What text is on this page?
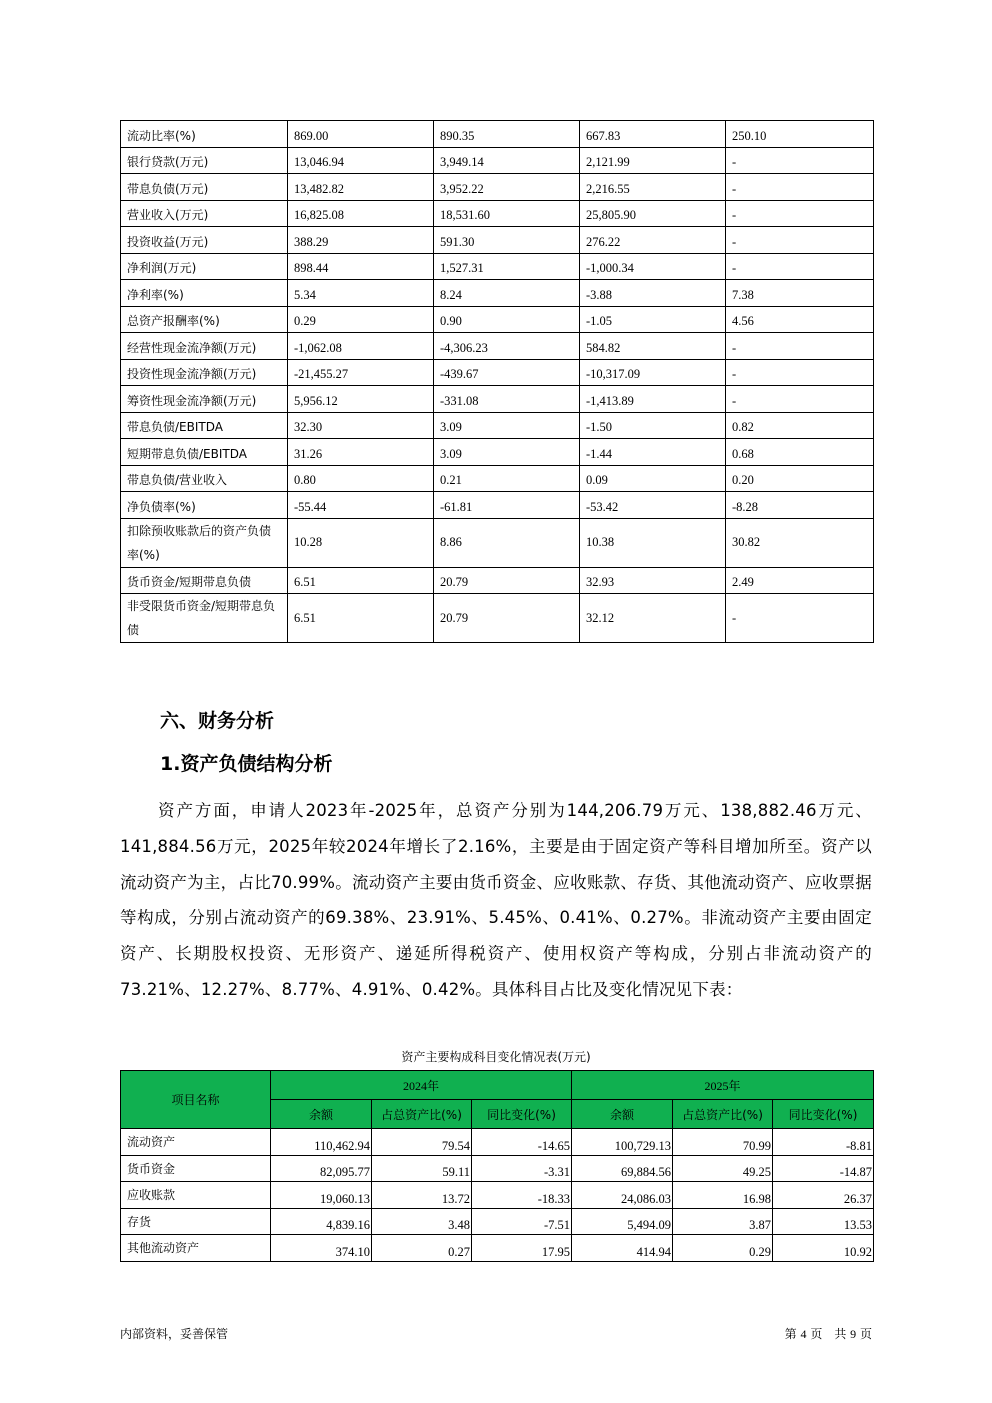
流动比率(%)	869.00	890.35	667.83	250.10
银行贷款(万元)	13,046.94	3,949.14	2,121.99	-
带息负债(万元)	13,482.82	3,952.22	2,216.55	-
营业收入(万元)	16,825.08	18,531.60	25,805.90	-
投资收益(万元)	388.29	591.30	276.22	-
净利润(万元)	898.44	1,527.31	-1,000.34	-
净利率(%)	5.34	8.24	-3.88	7.38
总资产报酬率(%)	0.29	0.90	-1.05	4.56
经营性现金流净额(万元)	-1,062.08	-4,306.23	584.82	-
投资性现金流净额(万元)	-21,455.27	-439.67	-10,317.09	-
筹资性现金流净额(万元)	5,956.12	-331.08	-1,413.89	-
带息负债/EBITDA	32.30	3.09	-1.50	0.82
短期带息负债/EBITDA	31.26	3.09	-1.44	0.68
带息负债/营业收入	0.80	0.21	0.09	0.20
净负债率(%)	-55.44	-61.81	-53.42	-8.28
扣除预收账款后的资产负债率(%)	10.28	8.86	10.38	30.82
货币资金/短期带息负债	6.51	20.79	32.93	2.49
非受限货币资金/短期带息负债	6.51	20.79	32.12	-
六、财务分析
1.资产负债结构分析
资产方面，申请人2023年-2025年，总资产分别为144,206.79万元、138,882.46万元、141,884.56万元，2025年较2024年增长了2.16%，主要是由于固定资产等科目增加所至。资产以流动资产为主，占比70.99%。流动资产主要由货币资金、应收账款、存货、其他流动资产、应收票据等构成，分别占流动资产的69.38%、23.91%、5.45%、0.41%、0.27%。非流动资产主要由固定资产、长期股权投资、无形资产、递延所得税资产、使用权资产等构成，分别占非流动资产的73.21%、12.27%、8.77%、4.91%、0.42%。具体科目占比及变化情况见下表：
资产主要构成科目变化情况表(万元)
项目名称	2024年			2025年		
	余额	占总资产比(%)	同比变化(%)	余额	占总资产比(%)	同比变化(%)
流动资产	110,462.94	79.54	-14.65	100,729.13	70.99	-8.81
货币资金	82,095.77	59.11	-3.31	69,884.56	49.25	-14.87
应收账款	19,060.13	13.72	-18.33	24,086.03	16.98	26.37
存货	4,839.16	3.48	-7.51	5,494.09	3.87	13.53
其他流动资产	374.10	0.27	17.95	414.94	0.29	10.92
内部资料，妥善保管	第 4 页　共 9 页
